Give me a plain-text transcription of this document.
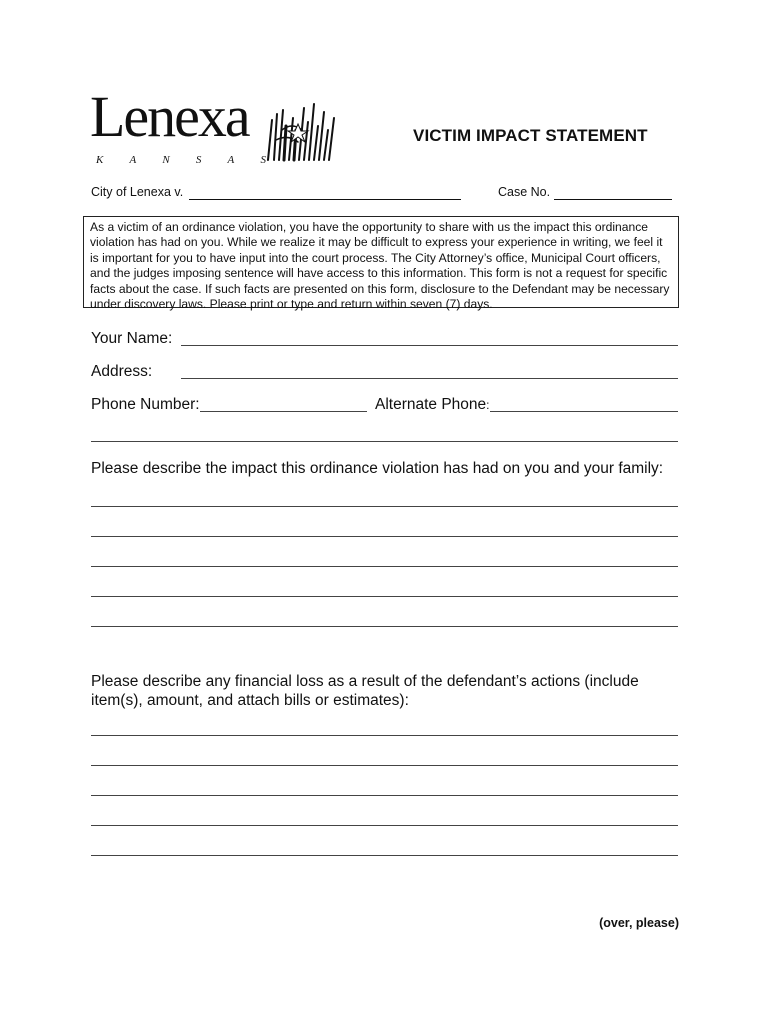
Lenexa
K A N S A S
VICTIM IMPACT STATEMENT
City of Lenexa v.	Case No.
As a victim of an ordinance violation, you have the opportunity to share with us the impact this ordinance violation has had on you. While we realize it may be difficult to express your experience in writing, we feel it is important for you to have input into the court process. The City Attorney’s office, Municipal Court officers, and the judges imposing sentence will have access to this information. This form is not a request for specific facts about the case. If such facts are presented on this form, disclosure to the Defendant may be necessary under discovery laws. Please print or type and return within seven (7) days.
Your Name:
Address:
Phone Number:	Alternate Phone:
Please describe the impact this ordinance violation has had on you and your family:
Please describe any financial loss as a result of the defendant’s actions (include item(s), amount, and attach bills or estimates):
(over, please)
